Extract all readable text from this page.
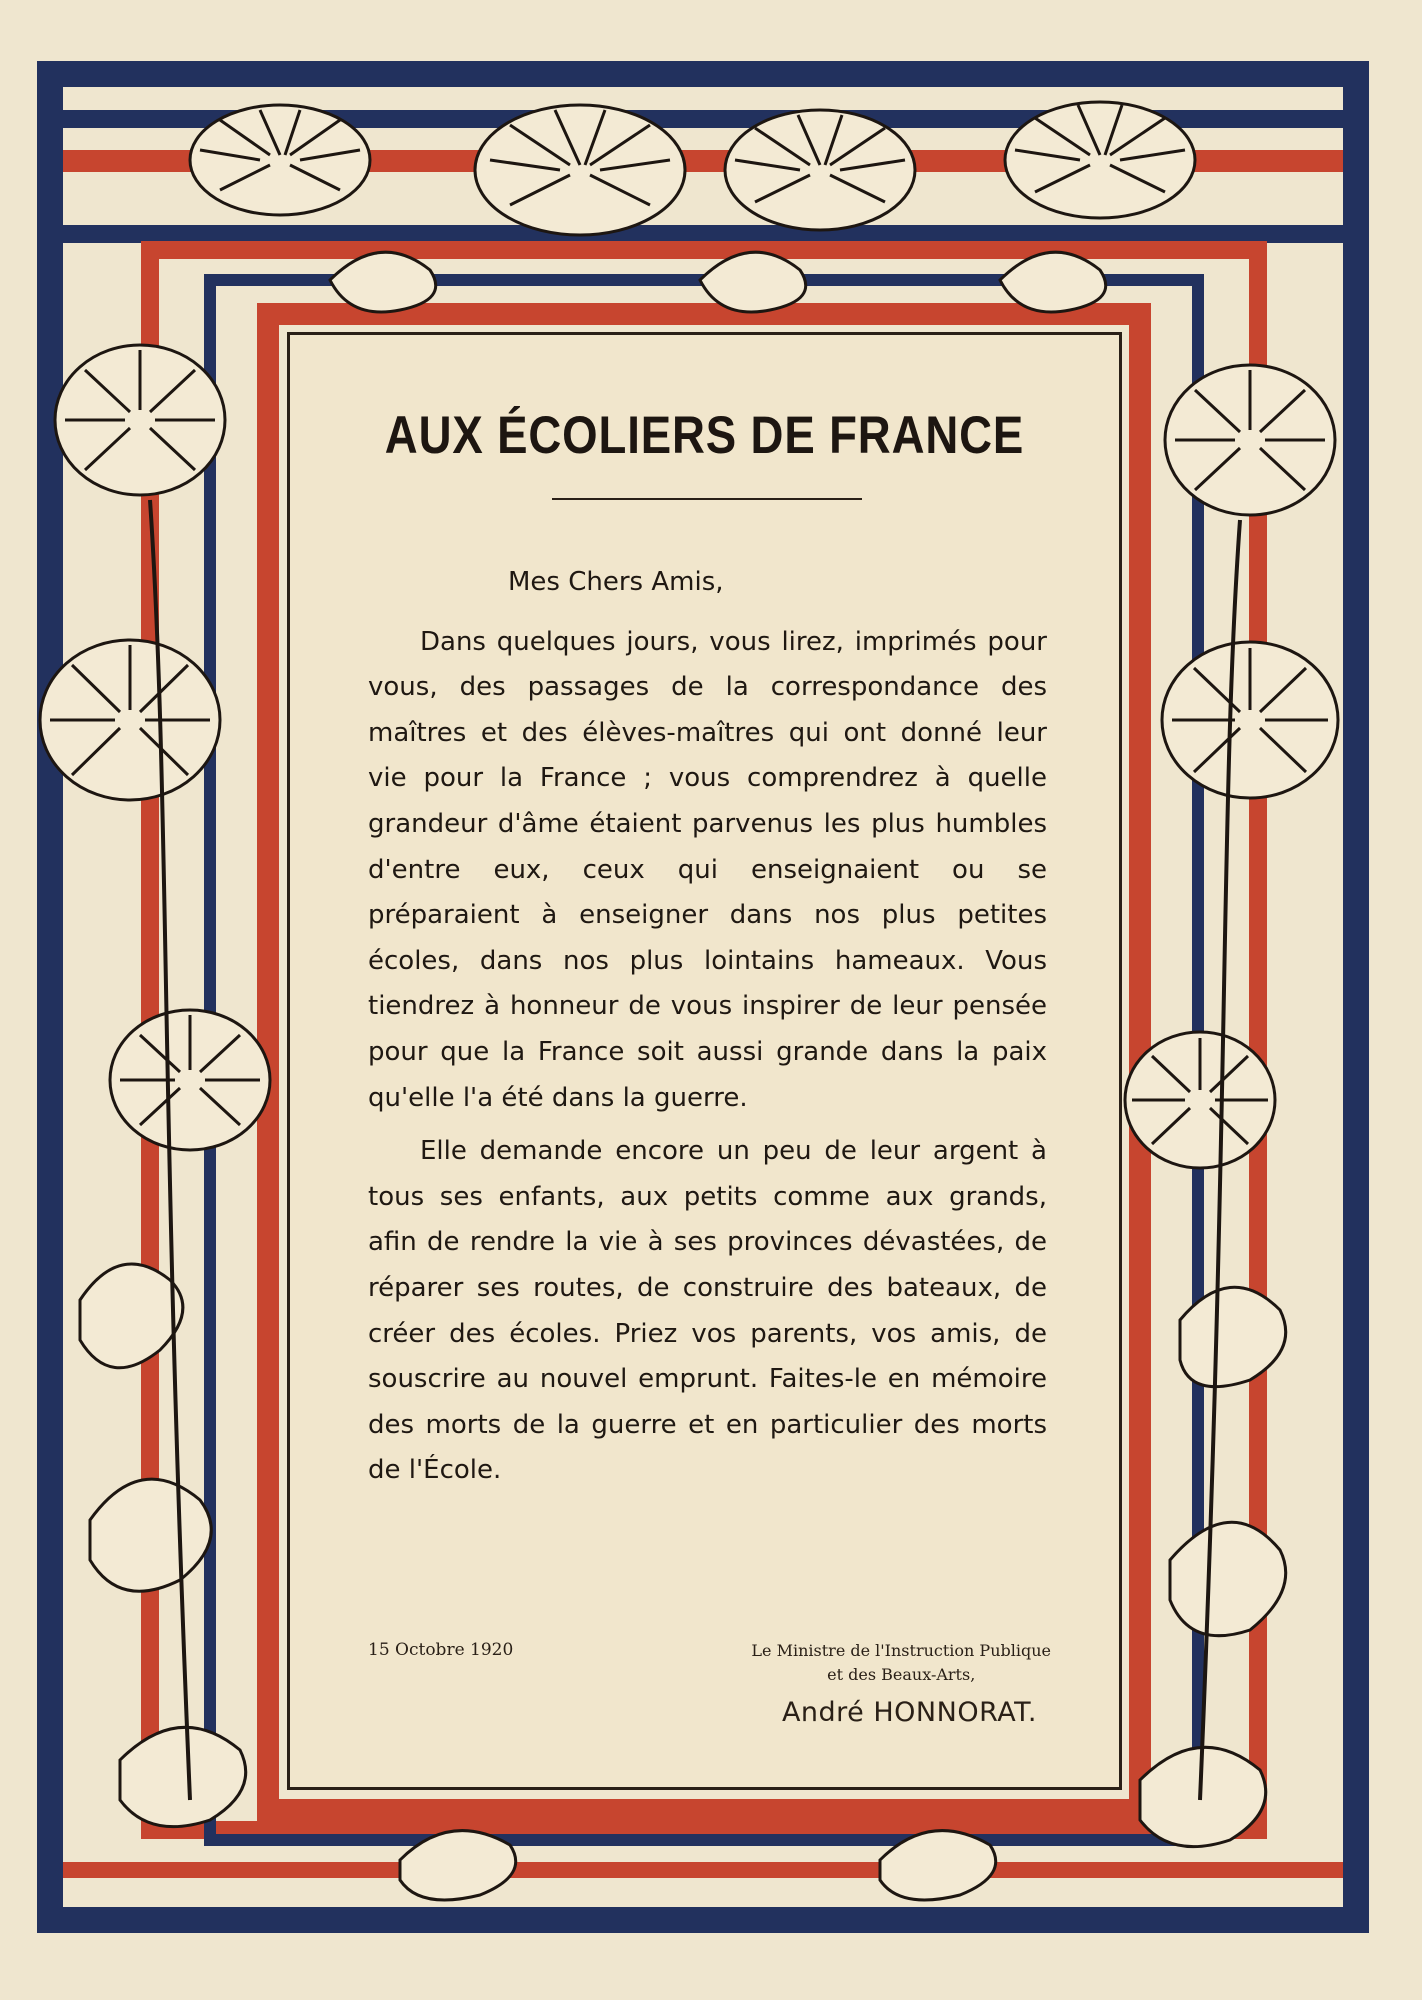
AUX ÉCOLIERS DE FRANCE

Mes Chers Amis,

Dans quelques jours, vous lirez, imprimés pour vous, des passages de la correspondance des maîtres et des élèves-maîtres qui ont donné leur vie pour la France ; vous comprendrez à quelle grandeur d'âme étaient parvenus les plus humbles d'entre eux, ceux qui enseignaient ou se préparaient à enseigner dans nos plus petites écoles, dans nos plus lointains hameaux. Vous tiendrez à honneur de vous inspirer de leur pensée pour que la France soit aussi grande dans la paix qu'elle l'a été dans la guerre.

Elle demande encore un peu de leur argent à tous ses enfants, aux petits comme aux grands, afin de rendre la vie à ses provinces dévastées, de réparer ses routes, de construire des bateaux, de créer des écoles. Priez vos parents, vos amis, de souscrire au nouvel emprunt. Faites-le en mémoire des morts de la guerre et en particulier des morts de l'École.

15 Octobre 1920	Le Ministre de l'Instruction Publique
et des Beaux-Arts,
André HONNORAT.
